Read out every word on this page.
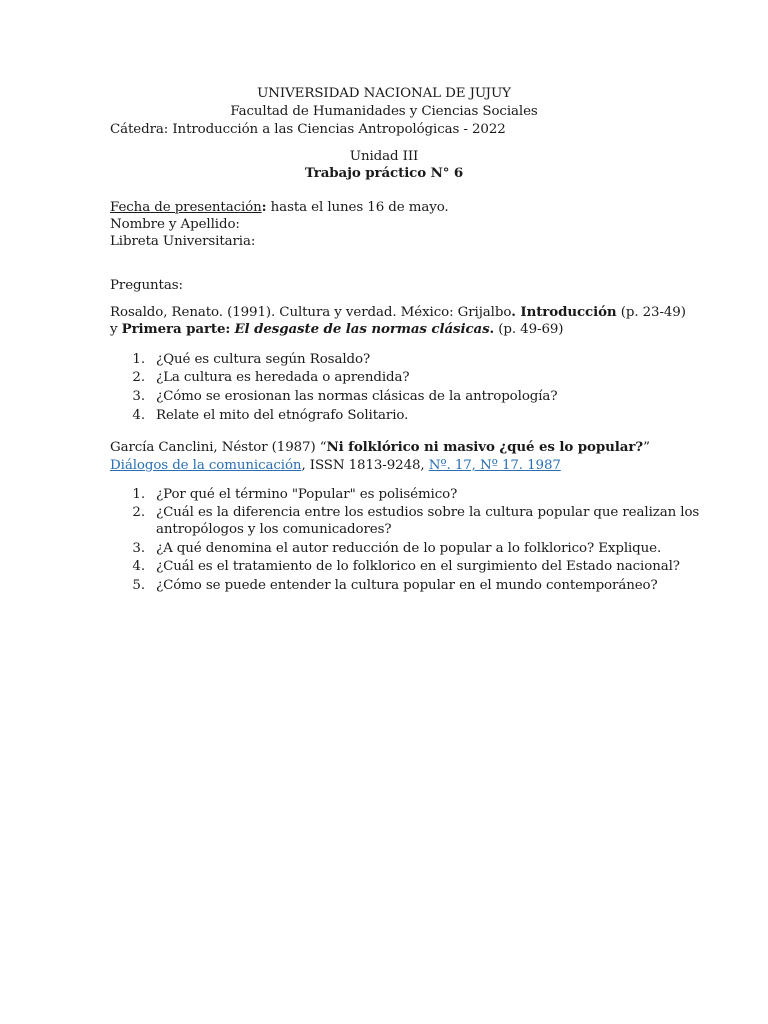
UNIVERSIDAD NACIONAL DE JUJUY
Facultad de Humanidades y Ciencias Sociales
Cátedra: Introducción a las Ciencias Antropológicas - 2022
Unidad III
Trabajo práctico N° 6
Fecha de presentación: hasta el lunes 16 de mayo.
Nombre y Apellido:
Libreta Universitaria:
Preguntas:
Rosaldo, Renato. (1991). Cultura y verdad. México: Grijalbo. Introducción (p. 23-49)
y Primera parte: El desgaste de las normas clásicas. (p. 49-69)
1. ¿Qué es cultura según Rosaldo?
2. ¿La cultura es heredada o aprendida?
3. ¿Cómo se erosionan las normas clásicas de la antropología?
4. Relate el mito del etnógrafo Solitario.
García Canclini, Néstor (1987) “Ni folklórico ni masivo ¿qué es lo popular?”
Diálogos de la comunicación, ISSN 1813-9248, Nº. 17, Nº 17. 1987
1. ¿Por qué el término "Popular" es polisémico?
2. ¿Cuál es la diferencia entre los estudios sobre la cultura popular que realizan los
antropólogos y los comunicadores?
3. ¿A qué denomina el autor reducción de lo popular a lo folklorico? Explique.
4. ¿Cuál es el tratamiento de lo folklorico en el surgimiento del Estado nacional?
5. ¿Cómo se puede entender la cultura popular en el mundo contemporáneo?
